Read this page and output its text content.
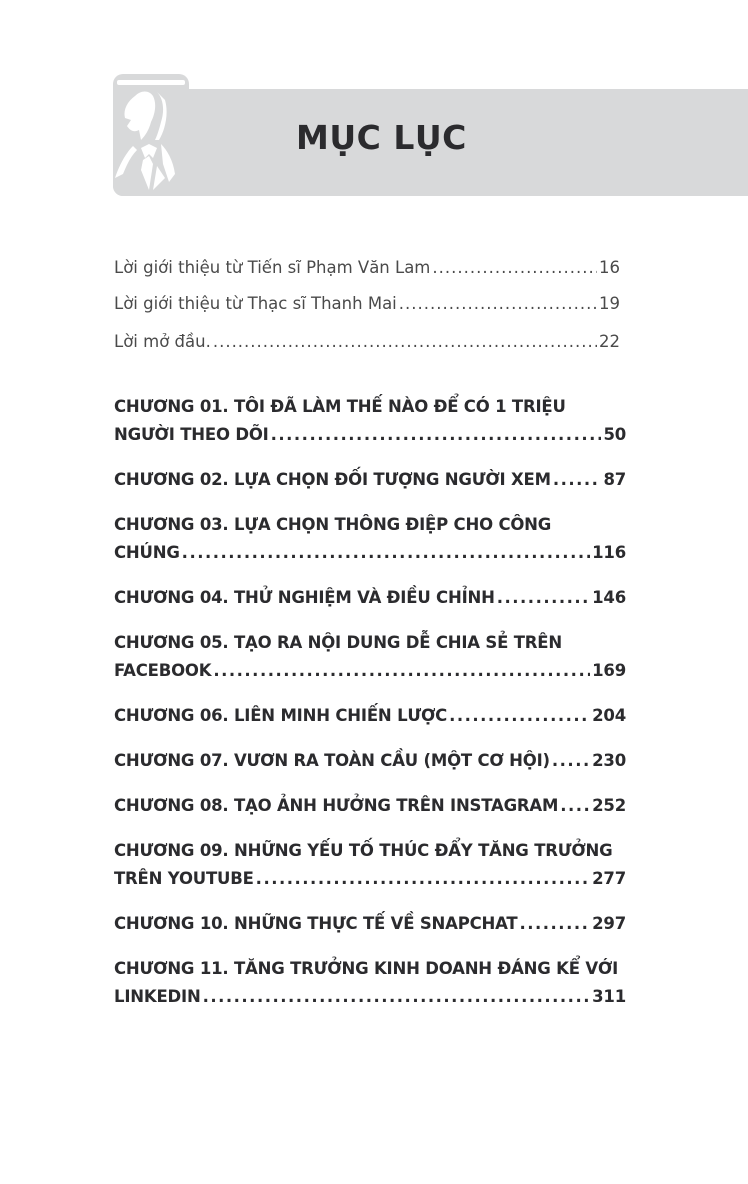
MỤC LỤC
Lời giới thiệu từ Tiến sĩ Phạm Văn Lam .....	16
Lời giới thiệu từ Thạc sĩ Thanh Mai .....	19
Lời mở đầu. .....	22
CHƯƠNG 01. TÔI ĐÃ LÀM THẾ NÀO ĐỂ CÓ 1 TRIỆU
NGƯỜI THEO DÕI .....	50
CHƯƠNG 02. LỰA CHỌN ĐỐI TƯỢNG NGƯỜI XEM .....	87
CHƯƠNG 03. LỰA CHỌN THÔNG ĐIỆP CHO CÔNG
CHÚNG .....	116
CHƯƠNG 04. THỬ NGHIỆM VÀ ĐIỀU CHỈNH .....	146
CHƯƠNG 05. TẠO RA NỘI DUNG DỄ CHIA SẺ TRÊN
FACEBOOK .....	169
CHƯƠNG 06. LIÊN MINH CHIẾN LƯỢC .....	204
CHƯƠNG 07. VƯƠN RA TOÀN CẦU (MỘT CƠ HỘI) .....	230
CHƯƠNG 08. TẠO ẢNH HƯỞNG TRÊN INSTAGRAM ..... 252
CHƯƠNG 09. NHỮNG YẾU TỐ THÚC ĐẨY TĂNG TRƯỞNG
TRÊN YOUTUBE .....	277
CHƯƠNG 10. NHỮNG THỰC TẾ VỀ SNAPCHAT .....	297
CHƯƠNG 11. TĂNG TRƯỞNG KINH DOANH ĐÁNG KỂ VỚI
LINKEDIN .....	311
